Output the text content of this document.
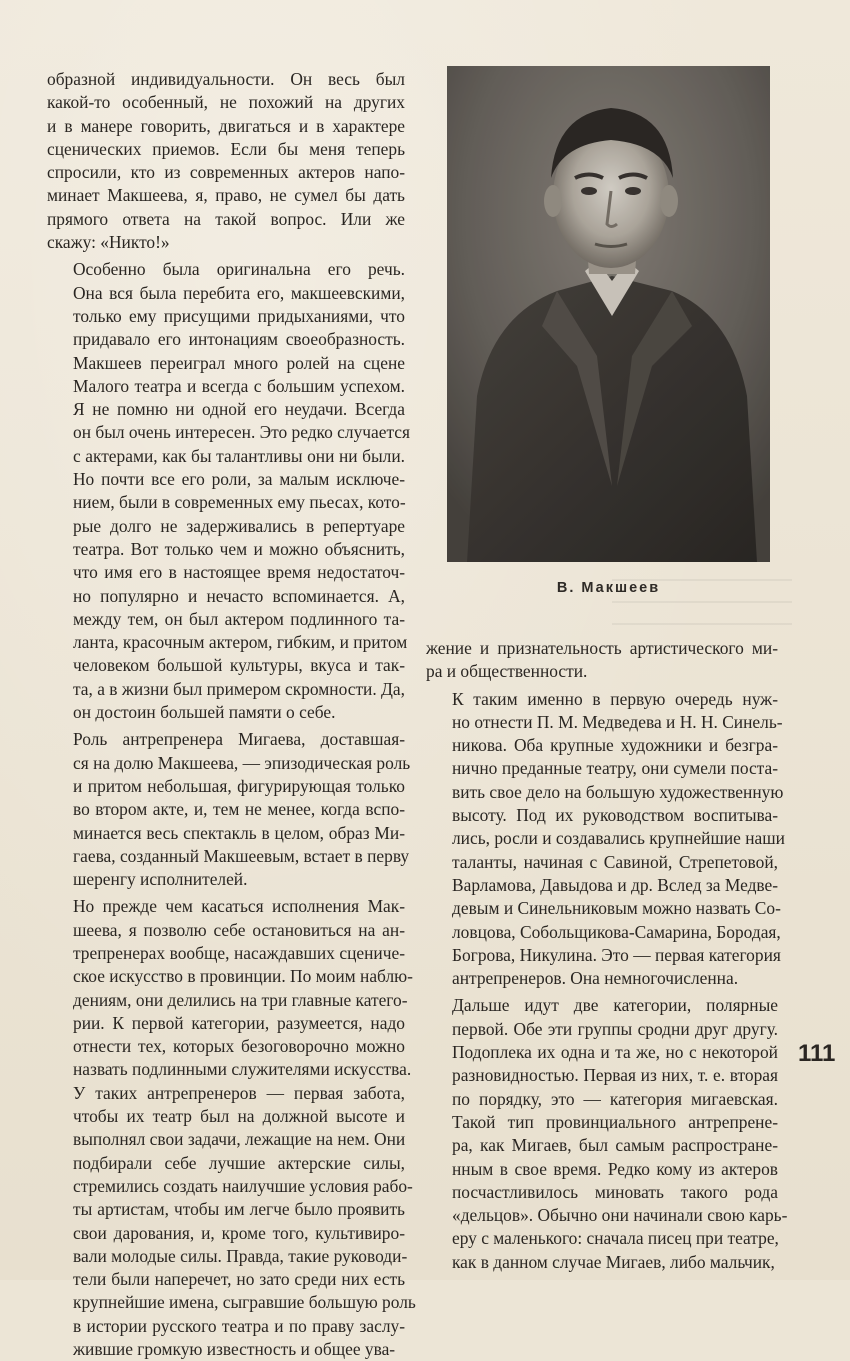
образной индивидуальности. Он весь был
какой-то особенный, не похожий на других
и в манере говорить, двигаться и в характере
сценических приемов. Если бы меня теперь
спросили, кто из современных актеров напо-
минает Макшеева, я, право, не сумел бы дать
прямого ответа на такой вопрос. Или же
скажу: «Никто!»

Особенно была оригинальна его речь.
Она вся была перебита его, макшеевскими,
только ему присущими придыханиями, что
придавало его интонациям своеобразность.
Макшеев переиграл много ролей на сцене
Малого театра и всегда с большим успехом.
Я не помню ни одной его неудачи. Всегда
он был очень интересен. Это редко случается
с актерами, как бы талантливы они ни были.
Но почти все его роли, за малым исключе-
нием, были в современных ему пьесах, кото-
рые долго не задерживались в репертуаре
театра. Вот только чем и можно объяснить,
что имя его в настоящее время недостаточ-
но популярно и нечасто вспоминается. А,
между тем, он был актером подлинного та-
ланта, красочным актером, гибким, и притом
человеком большой культуры, вкуса и так-
та, а в жизни был примером скромности. Да,
он достоин большей памяти о себе.

Роль антрепренера Мигаева, доставшая-
ся на долю Макшеева, — эпизодическая роль
и притом небольшая, фигурирующая только
во втором акте, и, тем не менее, когда вспо-
минается весь спектакль в целом, образ Ми-
гаева, созданный Макшеевым, встает в перву
шеренгу исполнителей.

Но прежде чем касаться исполнения Мак-
шеева, я позволю себе остановиться на ан-
трепренерах вообще, насаждавших сцениче-
ское искусство в провинции. По моим наблю-
дениям, они делились на три главные катего-
рии. К первой категории, разумеется, надо
отнести тех, которых безоговорочно можно
назвать подлинными служителями искусства.
У таких антрепренеров — первая забота,
чтобы их театр был на должной высоте и
выполнял свои задачи, лежащие на нем. Они
подбирали себе лучшие актерские силы,
стремились создать наилучшие условия рабо-
ты артистам, чтобы им легче было проявить
свои дарования, и, кроме того, культивиро-
вали молодые силы. Правда, такие руководи-
тели были наперечет, но зато среди них есть
крупнейшие имена, сыгравшие большую роль
в истории русского театра и по праву заслу-
жившие громкую известность и общее ува-

В. Макшеев

жение и признательность артистического ми-
ра и общественности.

К таким именно в первую очередь нуж-
но отнести П. М. Медведева и Н. Н. Синель-
никова. Оба крупные художники и безгра-
нично преданные театру, они сумели поста-
вить свое дело на большую художественную
высоту. Под их руководством воспитыва-
лись, росли и создавались крупнейшие наши
таланты, начиная с Савиной, Стрепетовой,
Варламова, Давыдова и др. Вслед за Медве-
девым и Синельниковым можно назвать Со-
ловцова, Собольщикова-Самарина, Бородая,
Богрова, Никулина. Это — первая категория
антрепренеров. Она немногочисленна.

Дальше идут две категории, полярные
первой. Обе эти группы сродни друг другу.
Подоплека их одна и та же, но с некоторой
разновидностью. Первая из них, т. е. вторая
по порядку, это — категория мигаевская.
Такой тип провинциального антрепрене-
ра, как Мигаев, был самым распростране-
нным в свое время. Редко кому из актеров
посчастливилось миновать такого рода
«дельцов». Обычно они начинали свою карь-
еру с маленького: сначала писец при театре,
как в данном случае Мигаев, либо мальчик,

111
